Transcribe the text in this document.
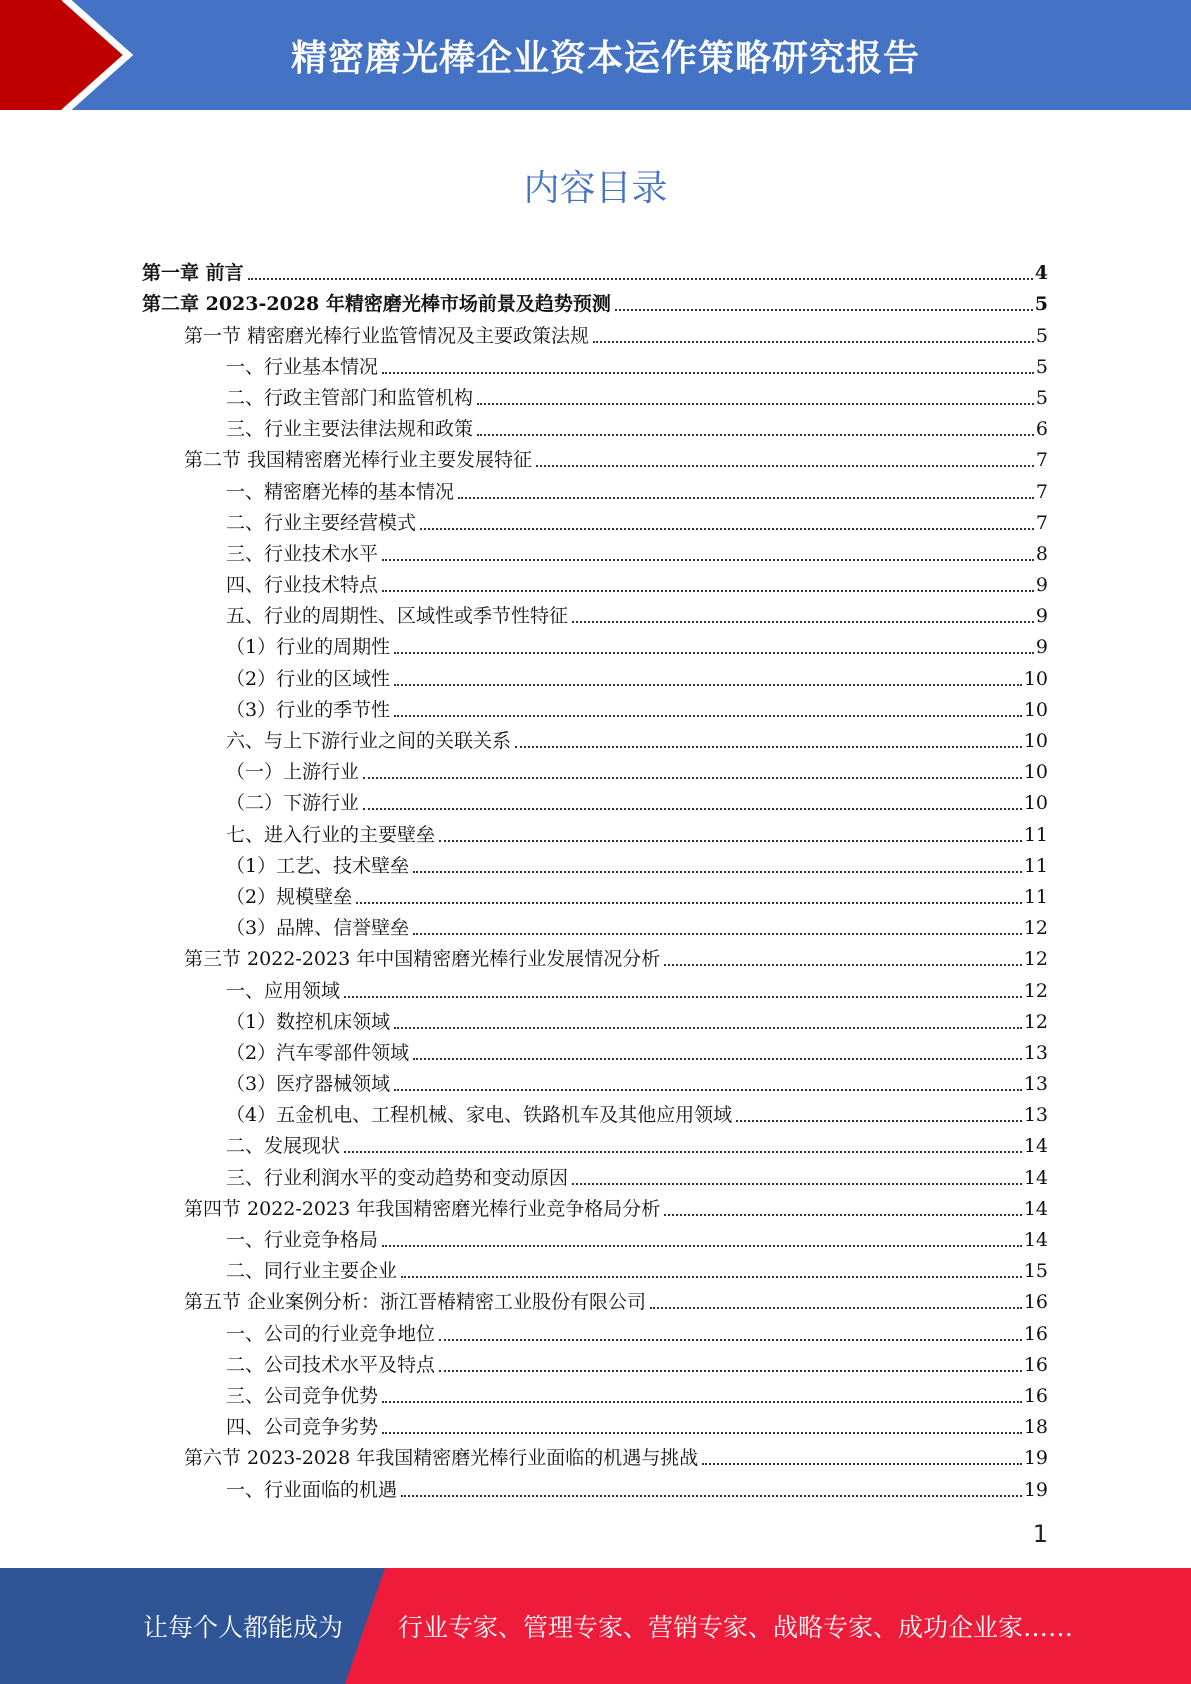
精密磨光棒企业资本运作策略研究报告
内容目录
第一章 前言	4
第二章 2023-2028 年精密磨光棒市场前景及趋势预测	5
第一节 精密磨光棒行业监管情况及主要政策法规	5
一、行业基本情况	5
二、行政主管部门和监管机构	5
三、行业主要法律法规和政策	6
第二节 我国精密磨光棒行业主要发展特征	7
一、精密磨光棒的基本情况	7
二、行业主要经营模式	7
三、行业技术水平	8
四、行业技术特点	9
五、行业的周期性、区域性或季节性特征	9
（1）行业的周期性	9
（2）行业的区域性	10
（3）行业的季节性	10
六、与上下游行业之间的关联关系	10
（一）上游行业	10
（二）下游行业	10
七、进入行业的主要壁垒	11
（1）工艺、技术壁垒	11
（2）规模壁垒	11
（3）品牌、信誉壁垒	12
第三节 2022-2023 年中国精密磨光棒行业发展情况分析	12
一、应用领域	12
（1）数控机床领域	12
（2）汽车零部件领域	13
（3）医疗器械领域	13
（4）五金机电、工程机械、家电、铁路机车及其他应用领域	13
二、发展现状	14
三、行业利润水平的变动趋势和变动原因	14
第四节 2022-2023 年我国精密磨光棒行业竞争格局分析	14
一、行业竞争格局	14
二、同行业主要企业	15
第五节 企业案例分析：浙江晋椿精密工业股份有限公司	16
一、公司的行业竞争地位	16
二、公司技术水平及特点	16
三、公司竞争优势	16
四、公司竞争劣势	18
第六节 2023-2028 年我国精密磨光棒行业面临的机遇与挑战	19
一、行业面临的机遇	19
1
让每个人都能成为 行业专家、管理专家、营销专家、战略专家、成功企业家……
